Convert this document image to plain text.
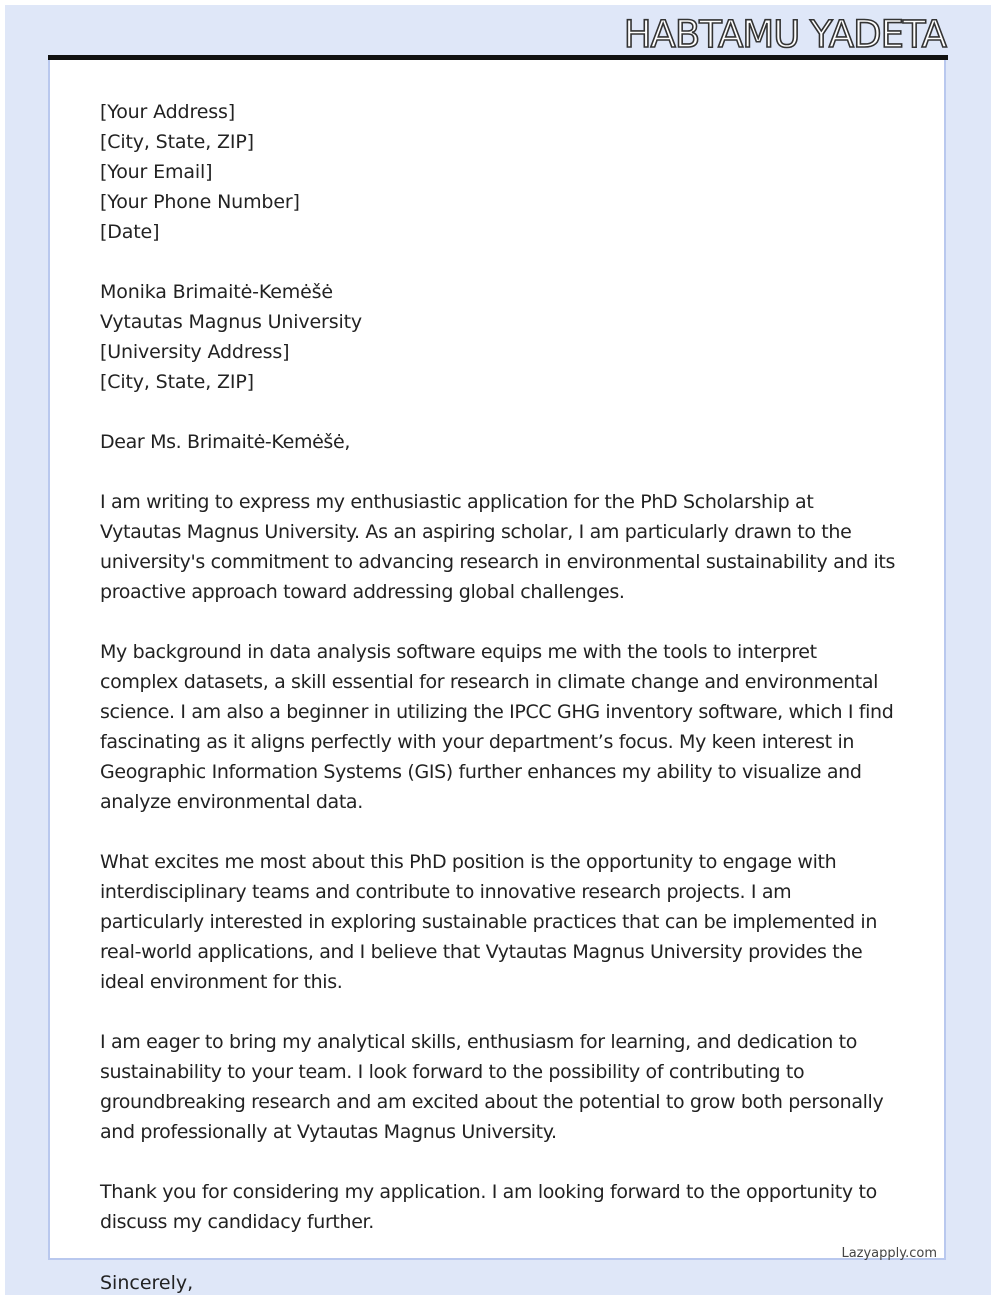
HABTAMU YADETA
[Your Address]
[City, State, ZIP]
[Your Email]
[Your Phone Number]
[Date]
Monika Brimaitė-Kemėšė
Vytautas Magnus University
[University Address]
[City, State, ZIP]

Dear Ms. Brimaitė-Kemėšė,

I am writing to express my enthusiastic application for the PhD Scholarship at Vytautas Magnus University. As an aspiring scholar, I am particularly drawn to the university's commitment to advancing research in environmental sustainability and its proactive approach toward addressing global challenges.

My background in data analysis software equips me with the tools to interpret complex datasets, a skill essential for research in climate change and environmental science. I am also a beginner in utilizing the IPCC GHG inventory software, which I find fascinating as it aligns perfectly with your department’s focus. My keen interest in Geographic Information Systems (GIS) further enhances my ability to visualize and analyze environmental data.

What excites me most about this PhD position is the opportunity to engage with interdisciplinary teams and contribute to innovative research projects. I am particularly interested in exploring sustainable practices that can be implemented in real-world applications, and I believe that Vytautas Magnus University provides the ideal environment for this.

I am eager to bring my analytical skills, enthusiasm for learning, and dedication to sustainability to your team. I look forward to the possibility of contributing to groundbreaking research and am excited about the potential to grow both personally and professionally at Vytautas Magnus University.

Thank you for considering my application. I am looking forward to the opportunity to discuss my candidacy further.

Lazyapply.com
Sincerely,
